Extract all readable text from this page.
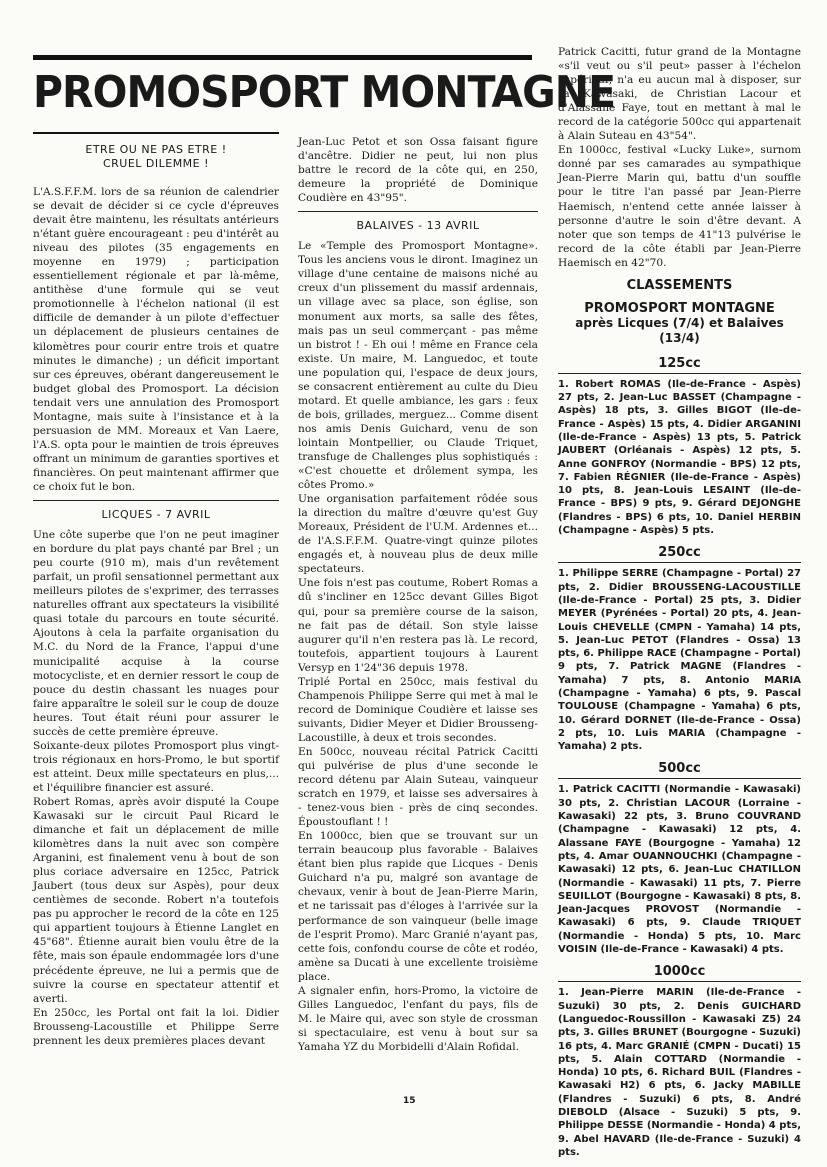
PROMOSPORT MONTAGNE
ETRE OU NE PAS ETRE !
CRUEL DILEMME !

L'A.S.F.F.M. lors de sa réunion de calendrier se devait de décider si ce cycle d'épreuves devait être maintenu, les résultats antérieurs n'étant guère encourageant : peu d'intérêt au niveau des pilotes (35 engagements en moyenne en 1979) ; participation essentiellement régionale et par là-même, antithèse d'une formule qui se veut promotionnelle à l'échelon national (il est difficile de demander à un pilote d'effectuer un déplacement de plusieurs centaines de kilomètres pour courir entre trois et quatre minutes le dimanche) ; un déficit important sur ces épreuves, obérant dangereusement le budget global des Promosport. La décision tendait vers une annulation des Promosport Montagne, mais suite à l'insistance et à la persuasion de MM. Moreaux et Van Laere, l'A.S. opta pour le maintien de trois épreuves offrant un minimum de garanties sportives et financières. On peut maintenant affirmer que ce choix fut le bon.

LICQUES - 7 AVRIL

Une côte superbe que l'on ne peut imaginer en bordure du plat pays chanté par Brel ; un peu courte (910 m), mais d'un revêtement parfait, un profil sensationnel permettant aux meilleurs pilotes de s'exprimer, des terrasses naturelles offrant aux spectateurs la visibilité quasi totale du parcours en toute sécurité. Ajoutons à cela la parfaite organisation du M.C. du Nord de la France, l'appui d'une municipalité acquise à la course motocycliste, et en dernier ressort le coup de pouce du destin chassant les nuages pour faire apparaître le soleil sur le coup de douze heures. Tout était réuni pour assurer le succès de cette première épreuve.

Soixante-deux pilotes Promosport plus vingt-trois régionaux en hors-Promo, le but sportif est atteint. Deux mille spectateurs en plus,... et l'équilibre financier est assuré.

Robert Romas, après avoir disputé la Coupe Kawasaki sur le circuit Paul Ricard le dimanche et fait un déplacement de mille kilomètres dans la nuit avec son compère Arganini, est finalement venu à bout de son plus coriace adversaire en 125cc, Patrick Jaubert (tous deux sur Aspès), pour deux centièmes de seconde. Robert n'a toutefois pas pu approcher le record de la côte en 125 qui appartient toujours à Étienne Langlet en 45"68". Étienne aurait bien voulu être de la fête, mais son épaule endommagée lors d'une précédente épreuve, ne lui a permis que de suivre la course en spectateur attentif et averti.

En 250cc, les Portal ont fait la loi. Didier Brousseng-Lacoustille et Philippe Serre prennent les deux premières places devant

Jean-Luc Petot et son Ossa faisant figure d'ancêtre. Didier ne peut, lui non plus battre le record de la côte qui, en 250, demeure la propriété de Dominique Coudière en 43"95".

BALAIVES - 13 AVRIL

Le «Temple des Promosport Montagne». Tous les anciens vous le diront. Imaginez un village d'une centaine de maisons niché au creux d'un plissement du massif ardennais, un village avec sa place, son église, son monument aux morts, sa salle des fêtes, mais pas un seul commerçant - pas même un bistrot ! - Eh oui ! même en France cela existe. Un maire, M. Languedoc, et toute une population qui, l'espace de deux jours, se consacrent entièrement au culte du Dieu motard. Et quelle ambiance, les gars : feux de bois, grillades, merguez... Comme disent nos amis Denis Guichard, venu de son lointain Montpellier, ou Claude Triquet, transfuge de Challenges plus sophistiqués : «C'est chouette et drôlement sympa, les côtes Promo.»

Une organisation parfaitement rôdée sous la direction du maître d'œuvre qu'est Guy Moreaux, Président de l'U.M. Ardennes et... de l'A.S.F.F.M. Quatre-vingt quinze pilotes engagés et, à nouveau plus de deux mille spectateurs.

Une fois n'est pas coutume, Robert Romas a dû s'incliner en 125cc devant Gilles Bigot qui, pour sa première course de la saison, ne fait pas de détail. Son style laisse augurer qu'il n'en restera pas là. Le record, toutefois, appartient toujours à Laurent Versyp en 1'24"36 depuis 1978.

Triplé Portal en 250cc, mais festival du Champenois Philippe Serre qui met à mal le record de Dominique Coudière et laisse ses suivants, Didier Meyer et Didier Brousseng-Lacoustille, à deux et trois secondes.

En 500cc, nouveau récital Patrick Cacitti qui pulvérise de plus d'une seconde le record détenu par Alain Suteau, vainqueur scratch en 1979, et laisse ses adversaires à - tenez-vous bien - près de cinq secondes. Époustouflant ! !

En 1000cc, bien que se trouvant sur un terrain beaucoup plus favorable - Balaives étant bien plus rapide que Licques - Denis Guichard n'a pu, malgré son avantage de chevaux, venir à bout de Jean-Pierre Marin, et ne tarissait pas d'éloges à l'arrivée sur la performance de son vainqueur (belle image de l'esprit Promo). Marc Granié n'ayant pas, cette fois, confondu course de côte et rodéo, amène sa Ducati à une excellente troisième place.

A signaler enfin, hors-Promo, la victoire de Gilles Languedoc, l'enfant du pays, fils de M. le Maire qui, avec son style de crossman si spectaculaire, est venu à bout sur sa Yamaha YZ du Morbidelli d'Alain Rofidal.

Patrick Cacitti, futur grand de la Montagne «s'il veut ou s'il peut» passer à l'échelon supérieur, n'a eu aucun mal à disposer, sur sa Kawasaki, de Christian Lacour et d'Alassane Faye, tout en mettant à mal le record de la catégorie 500cc qui appartenait à Alain Suteau en 43"54".

En 1000cc, festival «Lucky Luke», surnom donné par ses camarades au sympathique Jean-Pierre Marin qui, battu d'un souffle pour le titre l'an passé par Jean-Pierre Haemisch, n'entend cette année laisser à personne d'autre le soin d'être devant. A noter que son temps de 41"13 pulvérise le record de la côte établi par Jean-Pierre Haemisch en 42"70.

CLASSEMENTS
PROMOSPORT MONTAGNE
après Licques (7/4) et Balaives (13/4)
125cc
1. Robert ROMAS (Ile-de-France - Aspès) 27 pts, 2. Jean-Luc BASSET (Champagne - Aspès) 18 pts, 3. Gilles BIGOT (Ile-de-France - Aspès) 15 pts, 4. Didier ARGANINI (Ile-de-France - Aspès) 13 pts, 5. Patrick JAUBERT (Orléanais - Aspès) 12 pts, 5. Anne GONFROY (Normandie - BPS) 12 pts, 7. Fabien RÉGNIER (Ile-de-France - Aspès) 10 pts, 8. Jean-Louis LESAINT (Ile-de-France - BPS) 9 pts, 9. Gérard DEJONGHE (Flandres - BPS) 6 pts, 10. Daniel HERBIN (Champagne - Aspès) 5 pts.
250cc
1. Philippe SERRE (Champagne - Portal) 27 pts, 2. Didier BROUSSENG-LACOUSTILLE (Ile-de-France - Portal) 25 pts, 3. Didier MEYER (Pyrénées - Portal) 20 pts, 4. Jean-Louis CHEVELLE (CMPN - Yamaha) 14 pts, 5. Jean-Luc PETOT (Flandres - Ossa) 13 pts, 6. Philippe RACE (Champagne - Portal) 9 pts, 7. Patrick MAGNE (Flandres - Yamaha) 7 pts, 8. Antonio MARIA (Champagne - Yamaha) 6 pts, 9. Pascal TOULOUSE (Champagne - Yamaha) 6 pts, 10. Gérard DORNET (Ile-de-France - Ossa) 2 pts, 10. Luis MARIA (Champagne - Yamaha) 2 pts.
500cc
1. Patrick CACITTI (Normandie - Kawasaki) 30 pts, 2. Christian LACOUR (Lorraine - Kawasaki) 22 pts, 3. Bruno COUVRAND (Champagne - Kawasaki) 12 pts, 4. Alassane FAYE (Bourgogne - Yamaha) 12 pts, 4. Amar OUANNOUCHKI (Champagne - Kawasaki) 12 pts, 6. Jean-Luc CHATILLON (Normandie - Kawasaki) 11 pts, 7. Pierre SEUILLOT (Bourgogne - Kawasaki) 8 pts, 8. Jean-Jacques PROVOST (Normandie - Kawasaki) 6 pts, 9. Claude TRIQUET (Normandie - Honda) 5 pts, 10. Marc VOISIN (Ile-de-France - Kawasaki) 4 pts.
1000cc
1. Jean-Pierre MARIN (Ile-de-France - Suzuki) 30 pts, 2. Denis GUICHARD (Languedoc-Roussillon - Kawasaki Z5) 24 pts, 3. Gilles BRUNET (Bourgogne - Suzuki) 16 pts, 4. Marc GRANIÉ (CMPN - Ducati) 15 pts, 5. Alain COTTARD (Normandie - Honda) 10 pts, 6. Richard BUIL (Flandres - Kawasaki H2) 6 pts, 6. Jacky MABILLE (Flandres - Suzuki) 6 pts, 8. André DIEBOLD (Alsace - Suzuki) 5 pts, 9. Philippe DESSE (Normandie - Honda) 4 pts, 9. Abel HAVARD (Ile-de-France - Suzuki) 4 pts.
15
